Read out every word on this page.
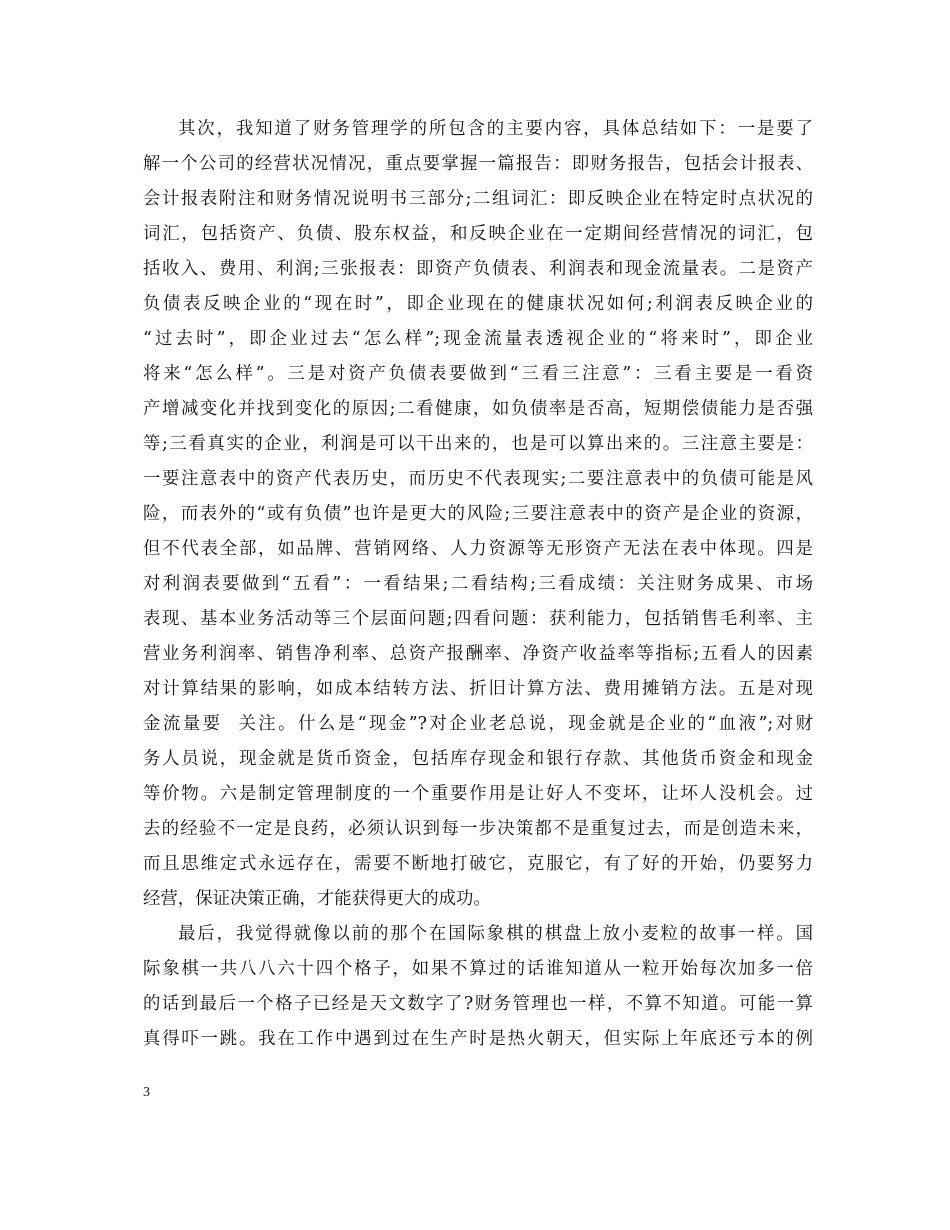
其次，我知道了财务管理学的所包含的主要内容，具体总结如下：一是要了
解一个公司的经营状况情况，重点要掌握一篇报告：即财务报告，包括会计报表、
会计报表附注和财务情况说明书三部分;二组词汇：即反映企业在特定时点状况的
词汇，包括资产、负债、股东权益，和反映企业在一定期间经营情况的词汇，包
括收入、费用、利润;三张报表：即资产负债表、利润表和现金流量表。二是资产
负债表反映企业的“现在时”，即企业现在的健康状况如何;利润表反映企业的
“过去时”，即企业过去“怎么样”;现金流量表透视企业的“将来时”，即企业
将来“怎么样”。三是对资产负债表要做到“三看三注意”：三看主要是一看资
产增减变化并找到变化的原因;二看健康，如负债率是否高，短期偿债能力是否强
等;三看真实的企业，利润是可以干出来的，也是可以算出来的。三注意主要是：
一要注意表中的资产代表历史，而历史不代表现实;二要注意表中的负债可能是风
险，而表外的“或有负债”也许是更大的风险;三要注意表中的资产是企业的资源，
但不代表全部，如品牌、营销网络、人力资源等无形资产无法在表中体现。四是
对利润表要做到“五看”：一看结果;二看结构;三看成绩：关注财务成果、市场
表现、基本业务活动等三个层面问题;四看问题：获利能力，包括销售毛利率、主
营业务利润率、销售净利率、总资产报酬率、净资产收益率等指标;五看人的因素
对计算结果的影响，如成本结转方法、折旧计算方法、费用摊销方法。五是对现
金流量要  关注。什么是“现金”?对企业老总说，现金就是企业的“血液”;对财
务人员说，现金就是货币资金，包括库存现金和银行存款、其他货币资金和现金
等价物。六是制定管理制度的一个重要作用是让好人不变坏，让坏人没机会。过
去的经验不一定是良药，必须认识到每一步决策都不是重复过去，而是创造未来，
而且思维定式永远存在，需要不断地打破它，克服它，有了好的开始，仍要努力
经营，保证决策正确，才能获得更大的成功。
最后，我觉得就像以前的那个在国际象棋的棋盘上放小麦粒的故事一样。国
际象棋一共八八六十四个格子，如果不算过的话谁知道从一粒开始每次加多一倍
的话到最后一个格子已经是天文数字了?财务管理也一样，不算不知道。可能一算
真得吓一跳。我在工作中遇到过在生产时是热火朝天，但实际上年底还亏本的例
3
